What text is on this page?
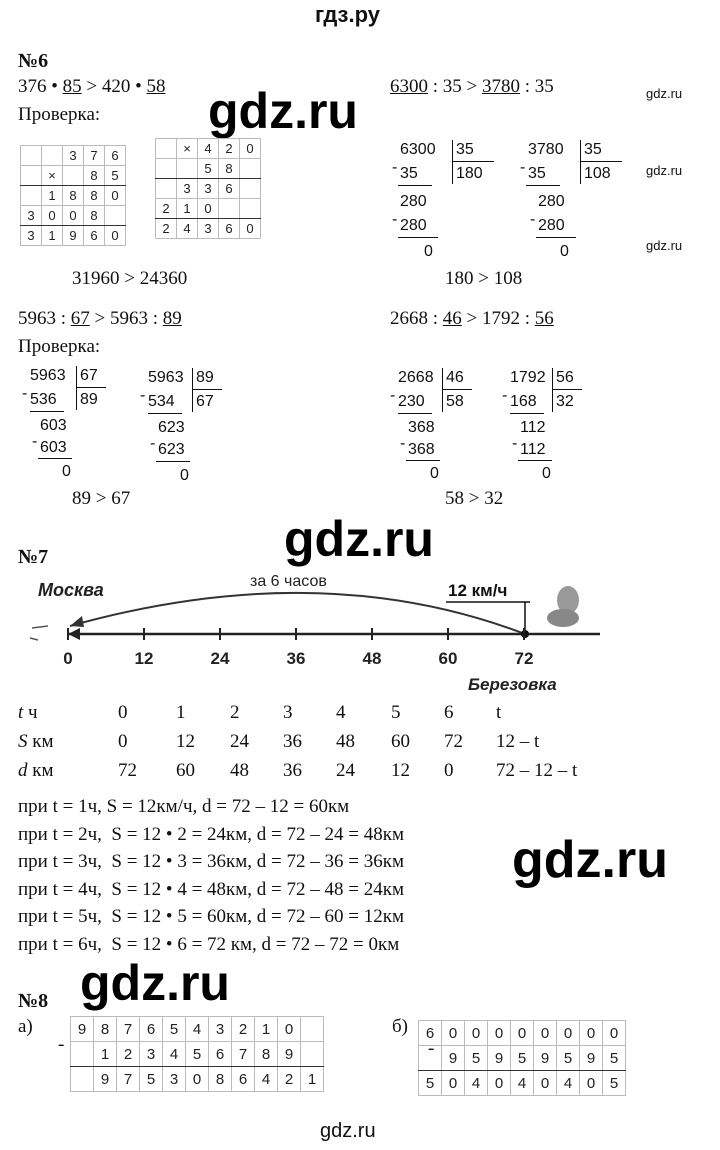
гдз.ру
№6
376 • 85 > 420 • 58	6300 : 35 > 3780 : 35
Проверка: gdz.ru	gdz.ru
gdz.ru
gdz.ru
		3	7	6
	×		8	5
	1	8	8	0
3	0	0	8	
3	1	9	6	0
	×	4	2	0
		5	8	
	3	3	6	
2	1	0		
2	4	3	6	0
31960 > 24360
6300 35
180
- 35
280
- 280
0
3780 35
108
- 35
280
- 280
0
180 > 108
5963 : 67 > 5963 : 89	2668 : 46 > 1792 : 56
Проверка:
5963 67
89
- 536
603
- 603
0
5963 89
67
- 534
623
- 623
0
89 > 67
2668 46
58
- 230
368
- 368
0
1792 56
32
- 168
112
- 112
0
58 > 32
gdz.ru
№7
Москва	за 6 часов	12 км/ч
0	12	24	36	48	60	72
Березовка
t ч	0	1 2 3 4 5 6 t
S км	0	12 24 36 48 60 72 12 – t
d км	72 60 48 36 24 12 0 72 – 12 – t
при t = 1ч, S = 12км/ч, d = 72 – 12 = 60км
при t = 2ч,  S = 12 • 2 = 24км, d = 72 – 24 = 48км
при t = 3ч,  S = 12 • 3 = 36км, d = 72 – 36 = 36км
при t = 4ч,  S = 12 • 4 = 48км, d = 72 – 48 = 24км
при t = 5ч,  S = 12 • 5 = 60км, d = 72 – 60 = 12км
при t = 6ч,  S = 12 • 6 = 72 км, d = 72 – 72 = 0км
gdz.ru
gdz.ru
№8
а)
-
9	8	7	6	5	4	3	2	1	0	
	1	2	3	4	5	6	7	8	9	
	9	7	5	3	0	8	6	4	2	1
б)
-
6	0	0	0	0	0	0	0	0
	9	5	9	5	9	5	9	5
5	0	4	0	4	0	4	0	5
gdz.ru
